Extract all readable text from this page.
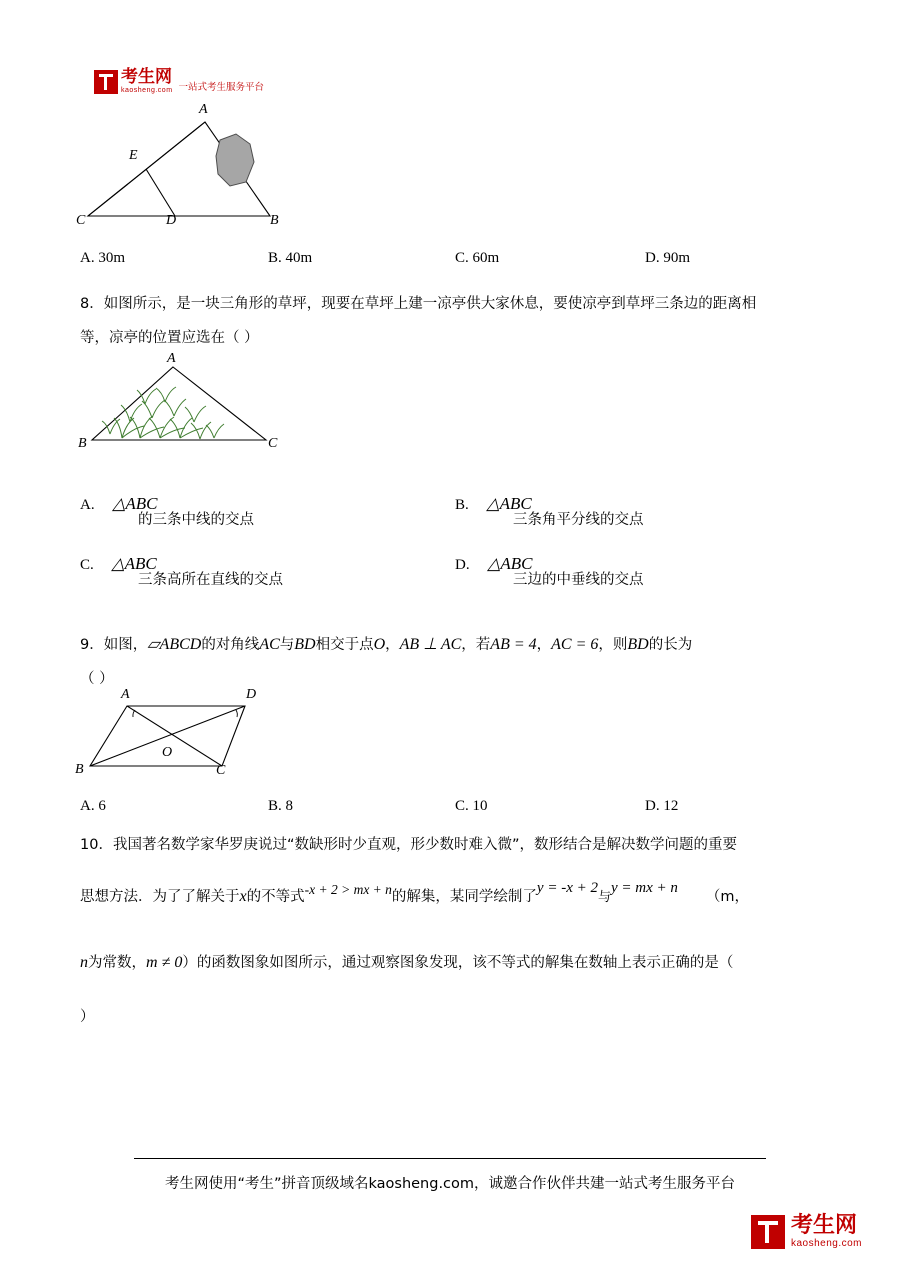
考生网
kaosheng.com 一站式考生服务平台
A
E
C	D	B
A. 30m	B. 40m	C. 60m	D. 90m
8．如图所示，是一块三角形的草坪，现要在草坪上建一凉亭供大家休息，要使凉亭到草坪三条边的距离相
等，凉亭的位置应选在（ ）
A
B	C
A. △ABC
的三条中线的交点
B. △ABC
三条角平分线的交点
C. △ABC
三条高所在直线的交点
D. △ABC
三边的中垂线的交点
9．如图，▱ABCD的对角线AC与BD相交于点O，AB ⊥ AC，若AB = 4，AC = 6，则BD的长为
（ ）
A	D
B
O
C
A. 6	B. 8	C. 10	D. 12
10．我国著名数学家华罗庚说过“数缺形时少直观，形少数时难入微”，数形结合是解决数学问题的重要
思想方法．为了了解关于x的不等式-x + 2 > mx + n的解集，某同学绘制了y = -x + 2与y = mx + n（m，
n为常数，m ≠ 0）的函数图象如图所示，通过观察图象发现，该不等式的解集在数轴上表示正确的是（
）
考生网使用“考生”拼音顶级域名kaosheng.com，诚邀合作伙伴共建一站式考生服务平台
考生网
kaosheng.com
